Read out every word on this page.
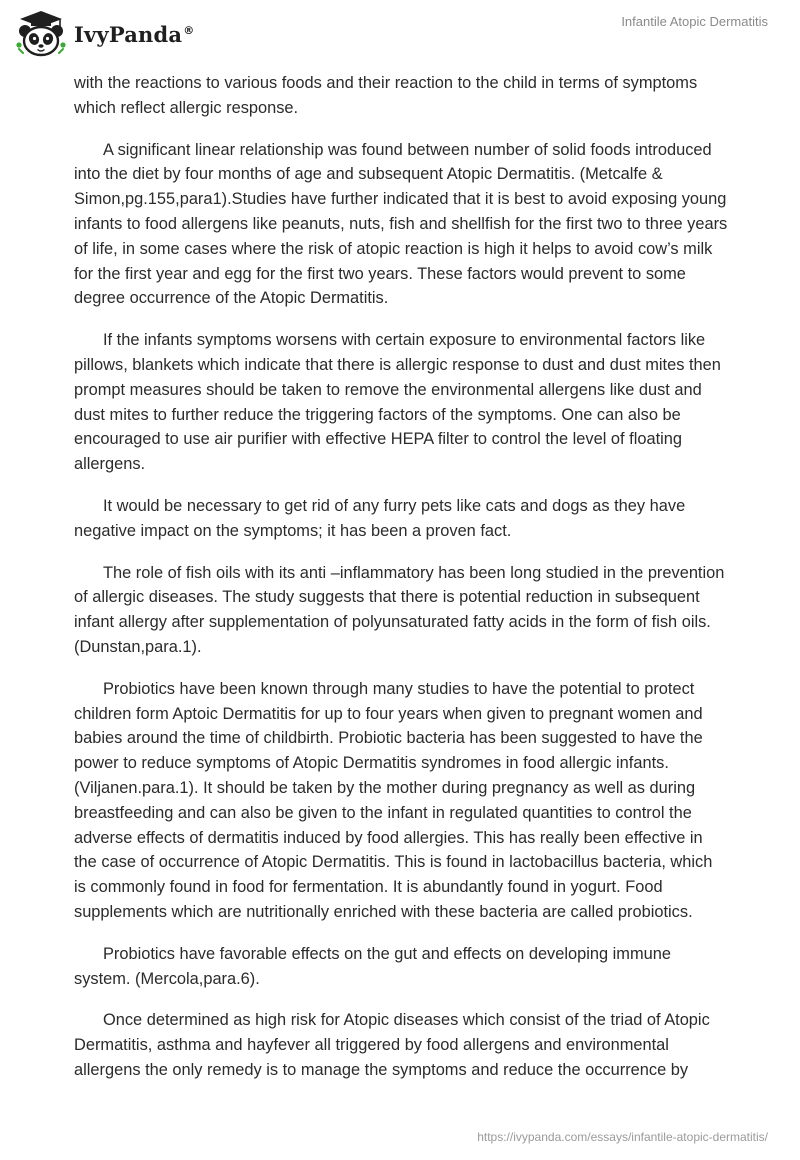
IvyPanda®
Infantile Atopic Dermatitis

with the reactions to various foods and their reaction to the child in terms of symptoms which reflect allergic response.

A significant linear relationship was found between number of solid foods introduced into the diet by four months of age and subsequent Atopic Dermatitis. (Metcalfe & Simon,pg.155,para1).Studies have further indicated that it is best to avoid exposing young infants to food allergens like peanuts, nuts, fish and shellfish for the first two to three years of life, in some cases where the risk of atopic reaction is high it helps to avoid cow’s milk for the first year and egg for the first two years. These factors would prevent to some degree occurrence of the Atopic Dermatitis.

If the infants symptoms worsens with certain exposure to environmental factors like pillows, blankets which indicate that there is allergic response to dust and dust mites then prompt measures should be taken to remove the environmental allergens like dust and dust mites to further reduce the triggering factors of the symptoms. One can also be encouraged to use air purifier with effective HEPA filter to control the level of floating allergens.

It would be necessary to get rid of any furry pets like cats and dogs as they have negative impact on the symptoms; it has been a proven fact.

The role of fish oils with its anti –inflammatory has been long studied in the prevention of allergic diseases. The study suggests that there is potential reduction in subsequent infant allergy after supplementation of polyunsaturated fatty acids in the form of fish oils.(Dunstan,para.1).

Probiotics have been known through many studies to have the potential to protect children form Aptoic Dermatitis for up to four years when given to pregnant women and babies around the time of childbirth. Probiotic bacteria has been suggested to have the power to reduce symptoms of Atopic Dermatitis syndromes in food allergic infants.(Viljanen.para.1). It should be taken by the mother during pregnancy as well as during breastfeeding and can also be given to the infant in regulated quantities to control the adverse effects of dermatitis induced by food allergies. This has really been effective in the case of occurrence of Atopic Dermatitis. This is found in lactobacillus bacteria, which is commonly found in food for fermentation. It is abundantly found in yogurt. Food supplements which are nutritionally enriched with these bacteria are called probiotics.

Probiotics have favorable effects on the gut and effects on developing immune system. (Mercola,para.6).

Once determined as high risk for Atopic diseases which consist of the triad of Atopic Dermatitis, asthma and hayfever all triggered by food allergens and environmental allergens the only remedy is to manage the symptoms and reduce the occurrence by

https://ivypanda.com/essays/infantile-atopic-dermatitis/
